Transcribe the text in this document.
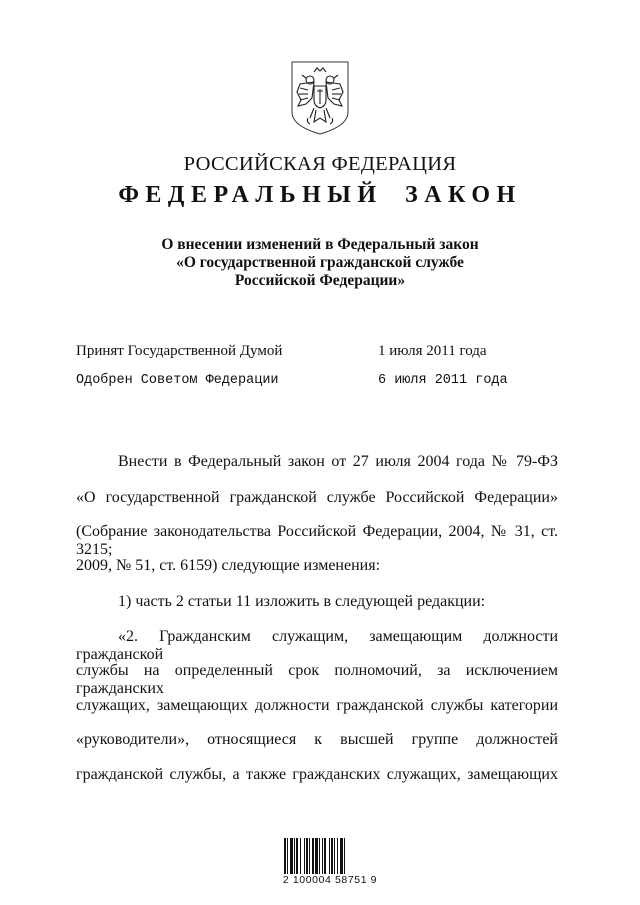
РОССИЙСКАЯ ФЕДЕРАЦИЯ
ФЕДЕРАЛЬНЫЙ ЗАКОН
О внесении изменений в Федеральный закон
«О государственной гражданской службе
Российской Федерации»
Принят Государственной Думой	1 июля 2011 года
Одобрен Советом Федерации	6 июля 2011 года
Внести в Федеральный закон от 27 июля 2004 года № 79-ФЗ
«О государственной гражданской службе Российской Федерации»
(Собрание законодательства Российской Федерации, 2004, № 31, ст. 3215;
2009, № 51, ст. 6159) следующие изменения:
1) часть 2 статьи 11 изложить в следующей редакции:
«2. Гражданским служащим, замещающим должности гражданской
службы на определенный срок полномочий, за исключением гражданских
служащих, замещающих должности гражданской службы категории
«руководители», относящиеся к высшей группе должностей
гражданской службы, а также гражданских служащих, замещающих
2 100004 58751 9
